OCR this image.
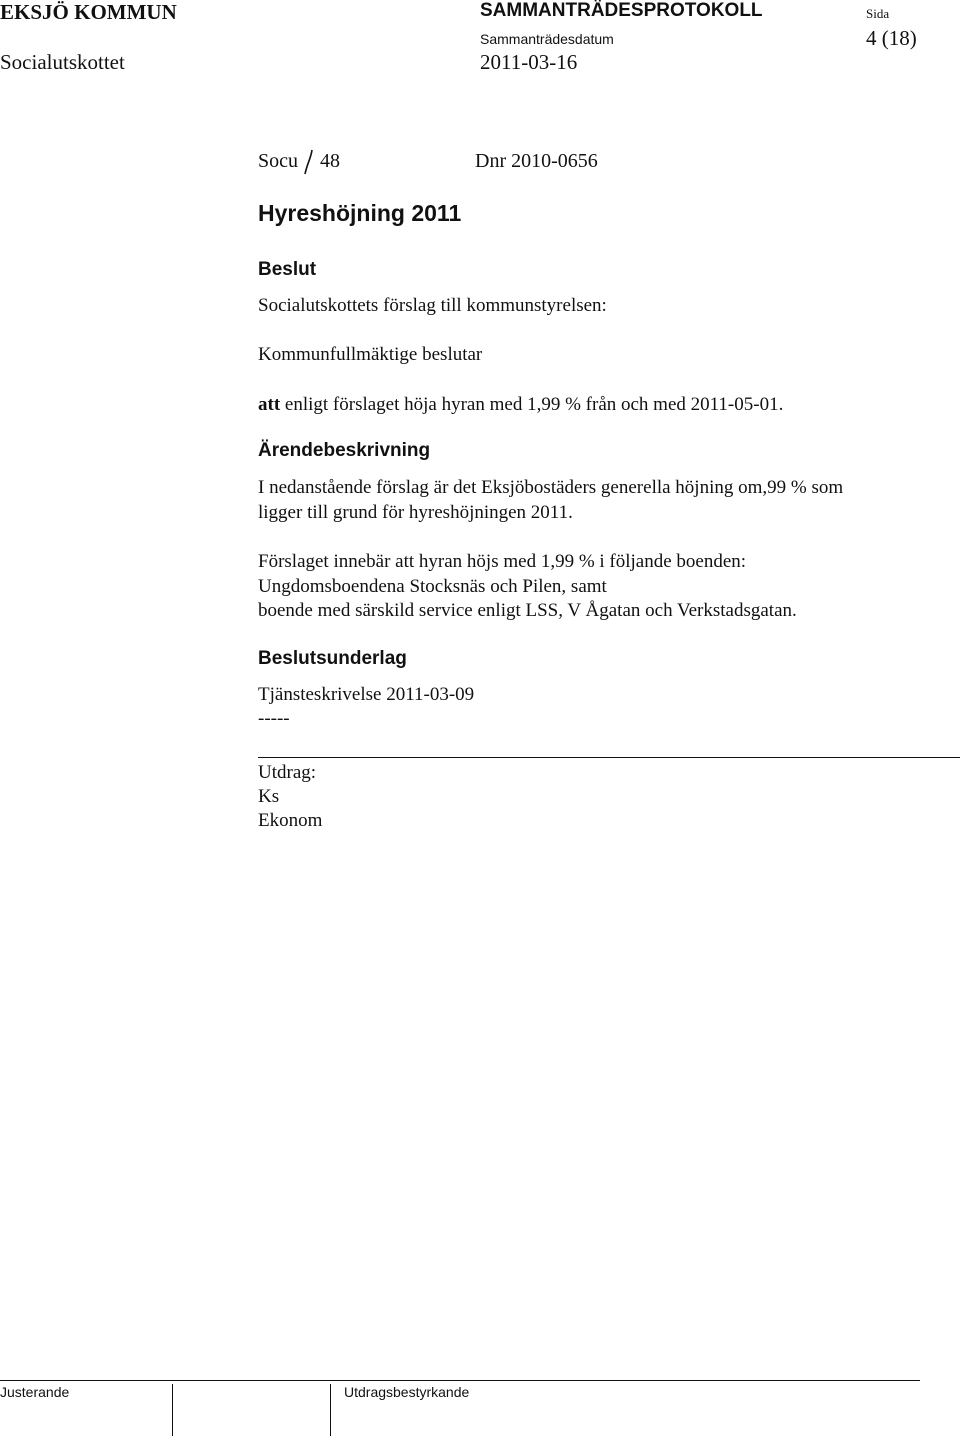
EKSJÖ KOMMUN	SAMMANTRÄDESPROTOKOLL	Sida
Socialutskottet
Sammanträdesdatum	4 (18)
2011-03-16
Socu 48	Dnr 2010-0656
Hyreshöjning 2011
Beslut
Socialutskottets förslag till kommunstyrelsen:
Kommunfullmäktige beslutar
att enligt förslaget höja hyran med 1,99 % från och med 2011-05-01.
Ärendebeskrivning
I nedanstående förslag är det Eksjöbostäders generella höjning om,99 % som
ligger till grund för hyreshöjningen 2011.
Förslaget innebär att hyran höjs med 1,99 % i följande boenden:
Ungdomsboendena Stocksnäs och Pilen, samt
boende med särskild service enligt LSS, V Ågatan och Verkstadsgatan.
Beslutsunderlag
Tjänsteskrivelse 2011-03-09
-----
Utdrag:
Ks
Ekonom
Justerande	Utdragsbestyrkande
